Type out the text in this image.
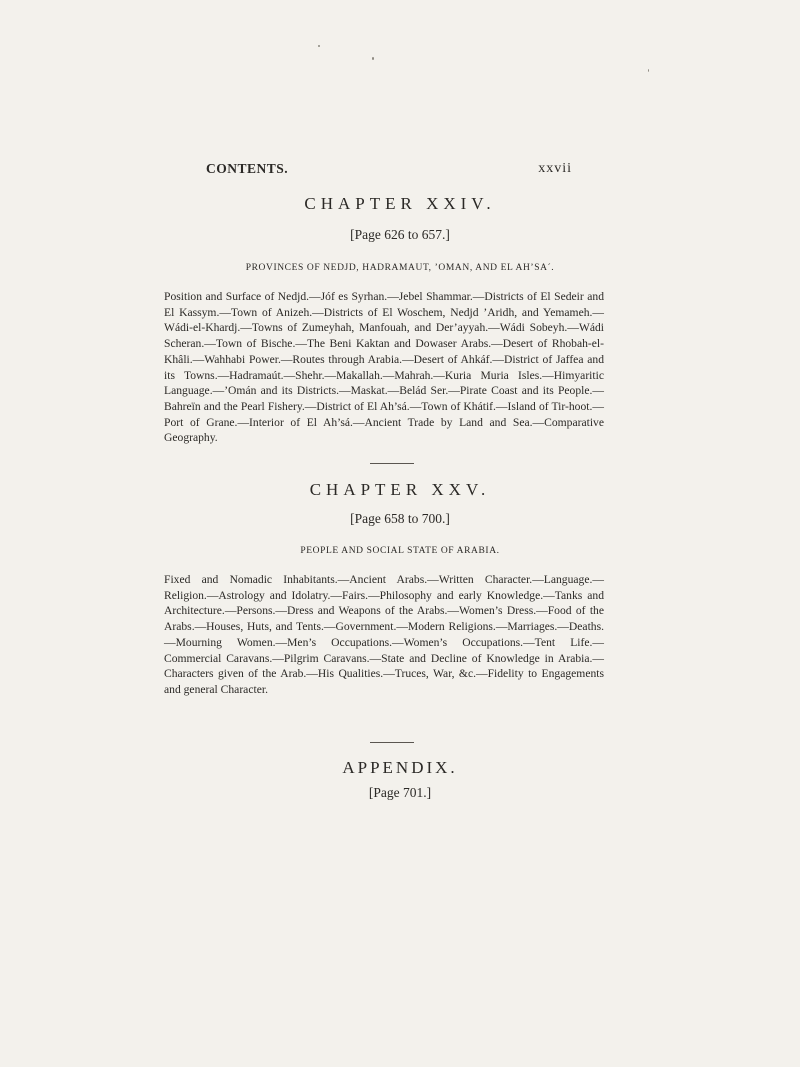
CONTENTS.	xxvii
CHAPTER XXIV.
[Page 626 to 657.]
PROVINCES OF NEDJD, HADRAMAUT, ’OMAN, AND EL AH’SA´.

Position and Surface of Nedjd.—Jóf es Syrhan.—Jebel Shammar.—Districts of El Sedeir and El Kassym.—Town of Anizeh.—Districts of El Woschem, Nedjd ’Aridh, and Yemameh.—Wádi-el-Khardj.—Towns of Zumeyhah, Manfouah, and Der’ayyah.—Wádi Sobeyh.—Wádi Scheran.—Town of Bische.—The Beni Kaktan and Dowaser Arabs.—Desert of Rhobah-el-Khâli.—Wahhabi Power.—Routes through Arabia.—Desert of Ahkáf.—District of Jaffea and its Towns.—Hadramaút.—Shehr.—Makallah.—Mahrah.—Kuria Muria Isles.—Himyaritic Language.—’Omán and its Districts.—Maskat.—Belád Ser.—Pirate Coast and its People.—Bahreïn and the Pearl Fishery.—District of El Ah’sá.—Town of Khátif.—Island of Tir-hoot.—Port of Grane.—Interior of El Ah’sá.—Ancient Trade by Land and Sea.—Comparative Geography.

CHAPTER XXV.
[Page 658 to 700.]
PEOPLE AND SOCIAL STATE OF ARABIA.

Fixed and Nomadic Inhabitants.—Ancient Arabs.—Written Character.—Language.—Religion.—Astrology and Idolatry.—Fairs.—Philosophy and early Knowledge.—Tanks and Architecture.—Persons.—Dress and Weapons of the Arabs.—Women’s Dress.—Food of the Arabs.—Houses, Huts, and Tents.—Government.—Modern Religions.—Marriages.—Deaths.—Mourning Women.—Men’s Occupations.—Women’s Occupations.—Tent Life.—Commercial Caravans.—Pilgrim Caravans.—State and Decline of Knowledge in Arabia.—Characters given of the Arab.—His Qualities.—Truces, War, &c.—Fidelity to Engagements and general Character.

APPENDIX.
[Page 701.]
